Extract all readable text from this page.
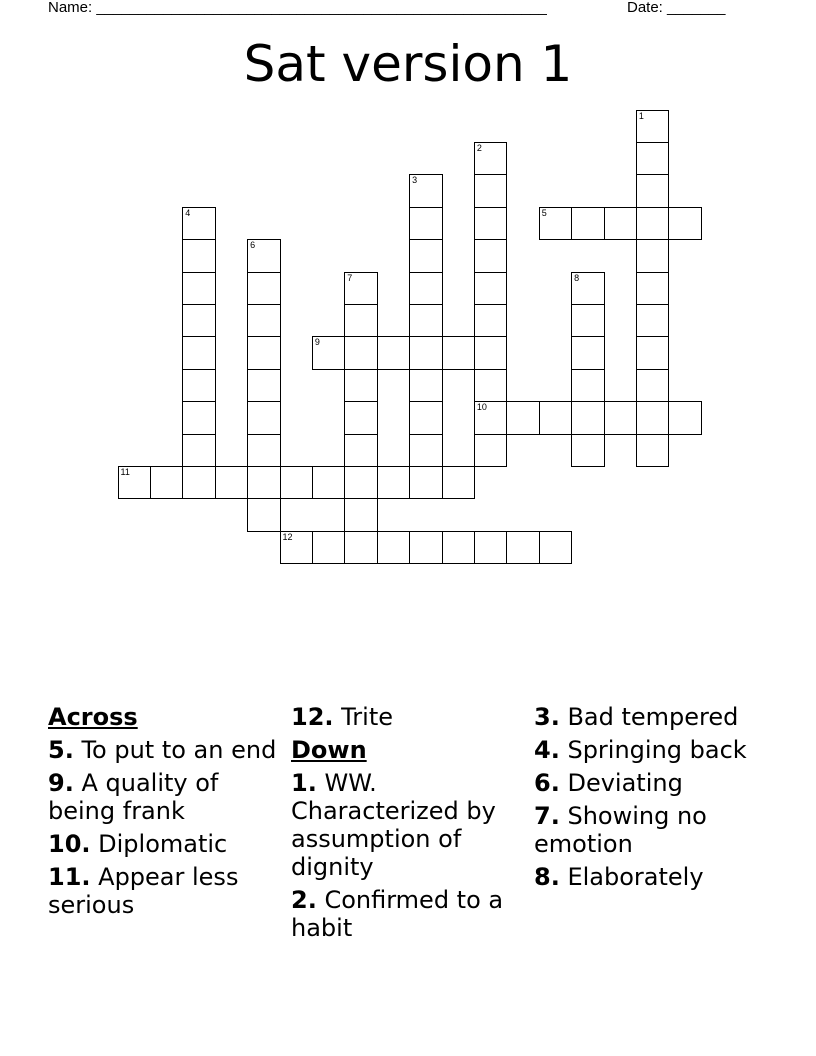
Name: ______________________________________________________	Date: _______
Sat version 1
1
2
10
3
4	5
6
7	8
9
11
12
Across
5. To put to an end
9. A quality of being frank
10. Diplomatic
11. Appear less serious
12. Trite
Down
1. WW. Characterized by assumption of dignity
2. Confirmed to a habit
3. Bad tempered
4. Springing back
6. Deviating
7. Showing no emotion
8. Elaborately
